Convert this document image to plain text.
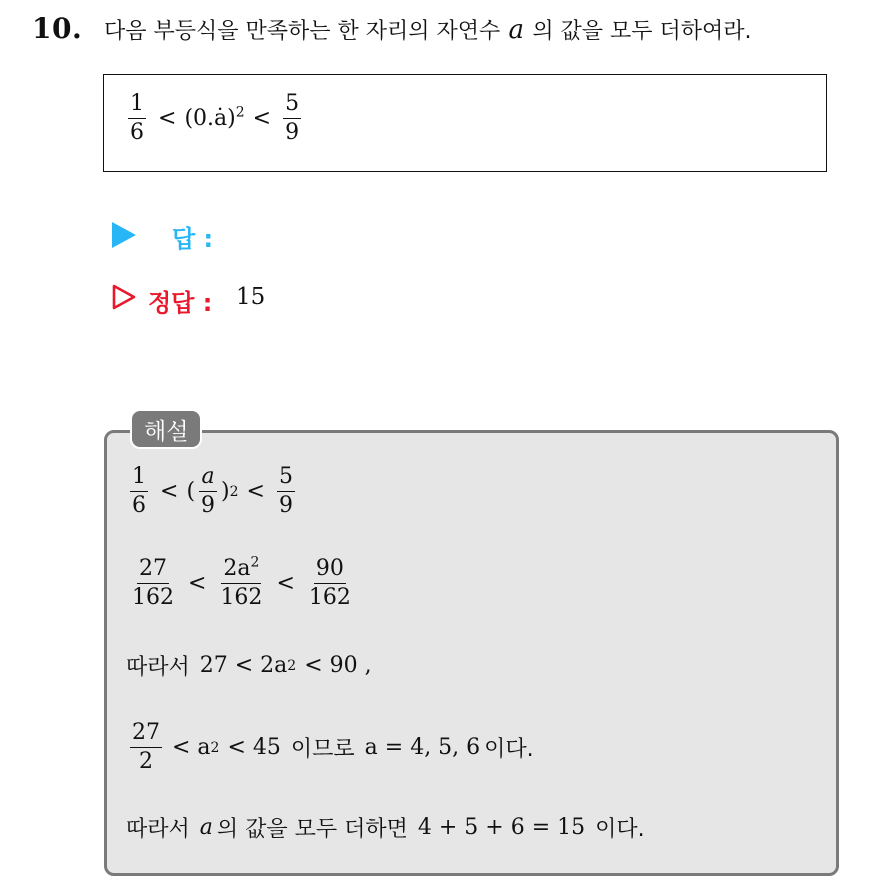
10. 다음 부등식을 만족하는 한 자리의 자연수 a 의 값을 모두 더하여라.
$\frac{1}{6}$ < (0.ȧ)$^2$ < $\frac{5}{9}$
답 :
정답 : 15
해설
$\frac{1}{6}$ < ( $\frac{a}{9}$ ) $2 < \frac{5}{9}$
$\frac{27}{162} < \frac{2a^2}{162} < \frac{90}{162}$
따라서 27 < 2a 2 < 90 ,
$\frac{27}{2} < a$ 2 < 45 이므로 a = 4, 5, 6 이다.
따라서 a 의 값을 모두 더하면 4 + 5 + 6 = 15 이다.
